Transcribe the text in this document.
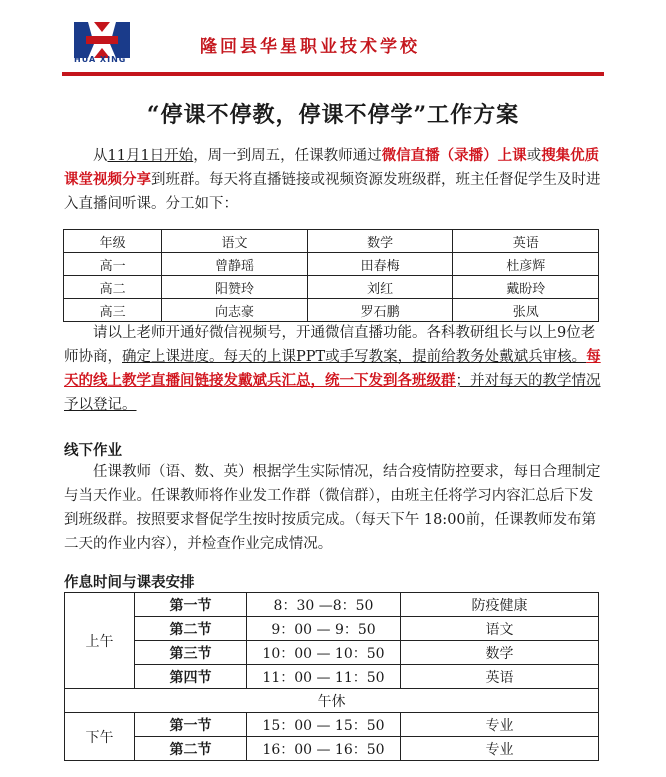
HUA XING
隆回县华星职业技术学校
“停课不停教，停课不停学”工作方案
从11月1日开始，周一到周五，任课教师通过微信直播（录播）上课或搜集优质课堂视频分享到班群。每天将直播链接或视频资源发班级群，班主任督促学生及时进入直播间听课。分工如下：
年级	语文	数学	英语
高一	曾静瑶	田春梅	杜彦辉
高二	阳赞玲	刘红	戴盼玲
高三	向志豪	罗石鹏	张凤
请以上老师开通好微信视频号，开通微信直播功能。各科教研组长与以上9位老师协商，确定上课进度。每天的上课PPT或手写教案，提前给教务处戴斌兵审核。每天的线上教学直播间链接发戴斌兵汇总，统一下发到各班级群；并对每天的教学情况予以登记。
线下作业
任课教师（语、数、英）根据学生实际情况，结合疫情防控要求，每日合理制定与当天作业。任课教师将作业发工作群（微信群），由班主任将学习内容汇总后下发到班级群。按照要求督促学生按时按质完成。（每天下午 18:00前，任课教师发布第二天的作业内容），并检查作业完成情况。
作息时间与课表安排
上午	第一节	8：30 —8：50	防疫健康
	第二节	9：00 — 9：50	语文
	第三节	10：00 — 10：50	数学
	第四节	11：00 — 11：50	英语
午休			
下午	第一节	15：00 — 15：50	专业
	第二节	16：00 — 16：50	专业
